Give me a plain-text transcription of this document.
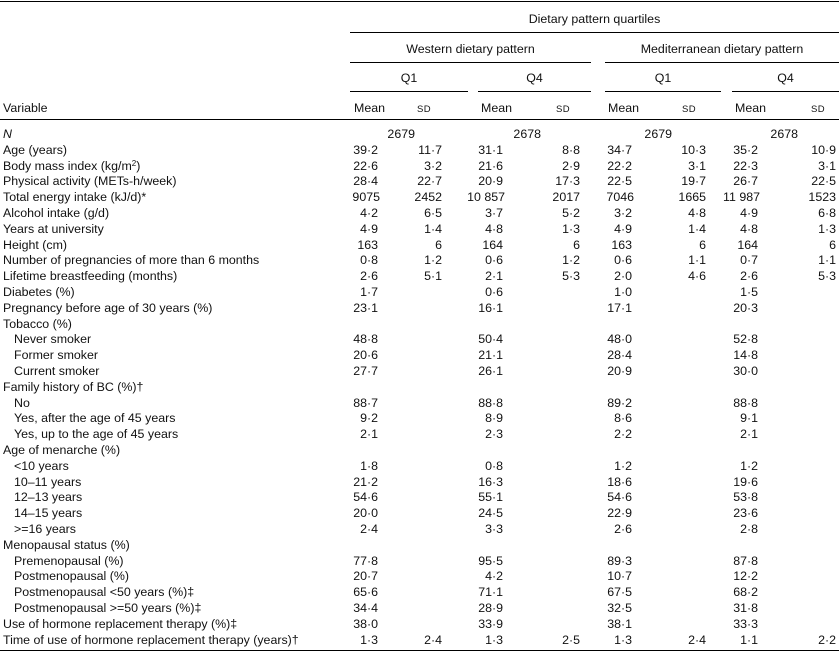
Dietary pattern quartiles
Western dietary pattern	Mediterranean dietary pattern
Q1	Q4	Q1	Q4
Variable	Mean	SD	Mean	SD	Mean	SD	Mean	SD
N	2679	2678	2679	2678
Age (years)	39·2	11·7	31·1	8·8	34·7	10·3	35·2	10·9
Body mass index $(kg/m^2)$	22·6	3·2	21·6	2·9	22·2	3·1	22·3	3·1
Physical activity (METs-h/week)	28·4	22·7	20·9	17·3	22·5	19·7	26·7	22·5
Total energy intake (kJ/d)*	9075	2452	10 857	2017	7046	1665	11 987	1523
Alcohol intake (g/d)	4·2	6·5	3·7	5·2	3·2	4·8	4·9	6·8
Years at university	4·9	1·4	4·8	1·3	4·9	1·4	4·8	1·3
Height (cm)	163	6	164	6	163	6	164	6
Number of pregnancies of more than 6 months	0·8	1·2	0·6	1·2	0·6	1·1	0·7	1·1
Lifetime breastfeeding (months)	2·6	5·1	2·1	5·3	2·0	4·6	2·6	5·3
Diabetes (%)	1·7	0·6	1·0	1·5
Pregnancy before age of 30 years (%)	23·1	16·1	17·1	20·3
Tobacco (%)
Never smoker	48·8	50·4	48·0	52·8
Former smoker	20·6	21·1	28·4	14·8
Current smoker	27·7	26·1	20·9	30·0
Family history of BC (%)†
No	88·7	88·8	89·2	88·8
Yes, after the age of 45 years	9·2	8·9	8·6	9·1
Yes, up to the age of 45 years	2·1	2·3	2·2	2·1
Age of menarche (%)
<10 years	1·8	0·8	1·2	1·2
10–11 years	21·2	16·3	18·6	19·6
12–13 years	54·6	55·1	54·6	53·8
14–15 years	20·0	24·5	22·9	23·6
>=16 years	2·4	3·3	2·6	2·8
Menopausal status (%)
Premenopausal (%)	77·8	95·5	89·3	87·8
Postmenopausal (%)	20·7	4·2	10·7	12·2
Postmenopausal <50 years (%)‡	65·6	71·1	67·5	68·2
Postmenopausal >=50 years (%)‡	34·4	28·9	32·5	31·8
Use of hormone replacement therapy (%)‡	38·0	33·9	38·1	33·3
Time of use of hormone replacement therapy (years)†	1·3	2·4	1·3	2·5	1·3	2·4	1·1	2·2
